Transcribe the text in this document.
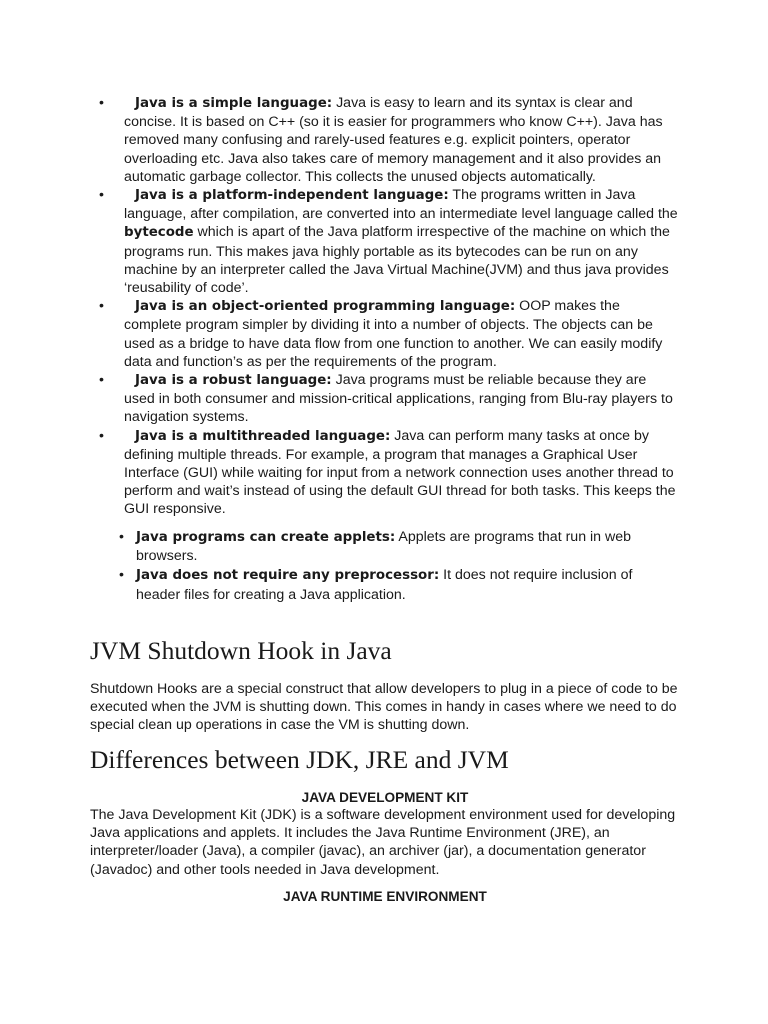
• Java is a simple language: Java is easy to learn and its syntax is clear and concise. It is based on C++ (so it is easier for programmers who know C++). Java has removed many confusing and rarely-used features e.g. explicit pointers, operator overloading etc. Java also takes care of memory management and it also provides an automatic garbage collector. This collects the unused objects automatically.
• Java is a platform-independent language: The programs written in Java language, after compilation, are converted into an intermediate level language called the bytecode which is apart of the Java platform irrespective of the machine on which the programs run. This makes java highly portable as its bytecodes can be run on any machine by an interpreter called the Java Virtual Machine(JVM) and thus java provides ‘reusability of code’.
• Java is an object-oriented programming language: OOP makes the complete program simpler by dividing it into a number of objects. The objects can be used as a bridge to have data flow from one function to another. We can easily modify data and function’s as per the requirements of the program.
• Java is a robust language: Java programs must be reliable because they are used in both consumer and mission-critical applications, ranging from Blu-ray players to navigation systems.
• Java is a multithreaded language: Java can perform many tasks at once by defining multiple threads. For example, a program that manages a Graphical User Interface (GUI) while waiting for input from a network connection uses another thread to perform and wait’s instead of using the default GUI thread for both tasks. This keeps the GUI responsive.
• Java programs can create applets: Applets are programs that run in web browsers.
• Java does not require any preprocessor: It does not require inclusion of header files for creating a Java application.
JVM Shutdown Hook in Java

Shutdown Hooks are a special construct that allow developers to plug in a piece of code to be executed when the JVM is shutting down. This comes in handy in cases where we need to do special clean up operations in case the VM is shutting down.

Differences between JDK, JRE and JVM

JAVA DEVELOPMENT KIT

The Java Development Kit (JDK) is a software development environment used for developing Java applications and applets. It includes the Java Runtime Environment (JRE), an interpreter/loader (Java), a compiler (javac), an archiver (jar), a documentation generator (Javadoc) and other tools needed in Java development.

JAVA RUNTIME ENVIRONMENT
